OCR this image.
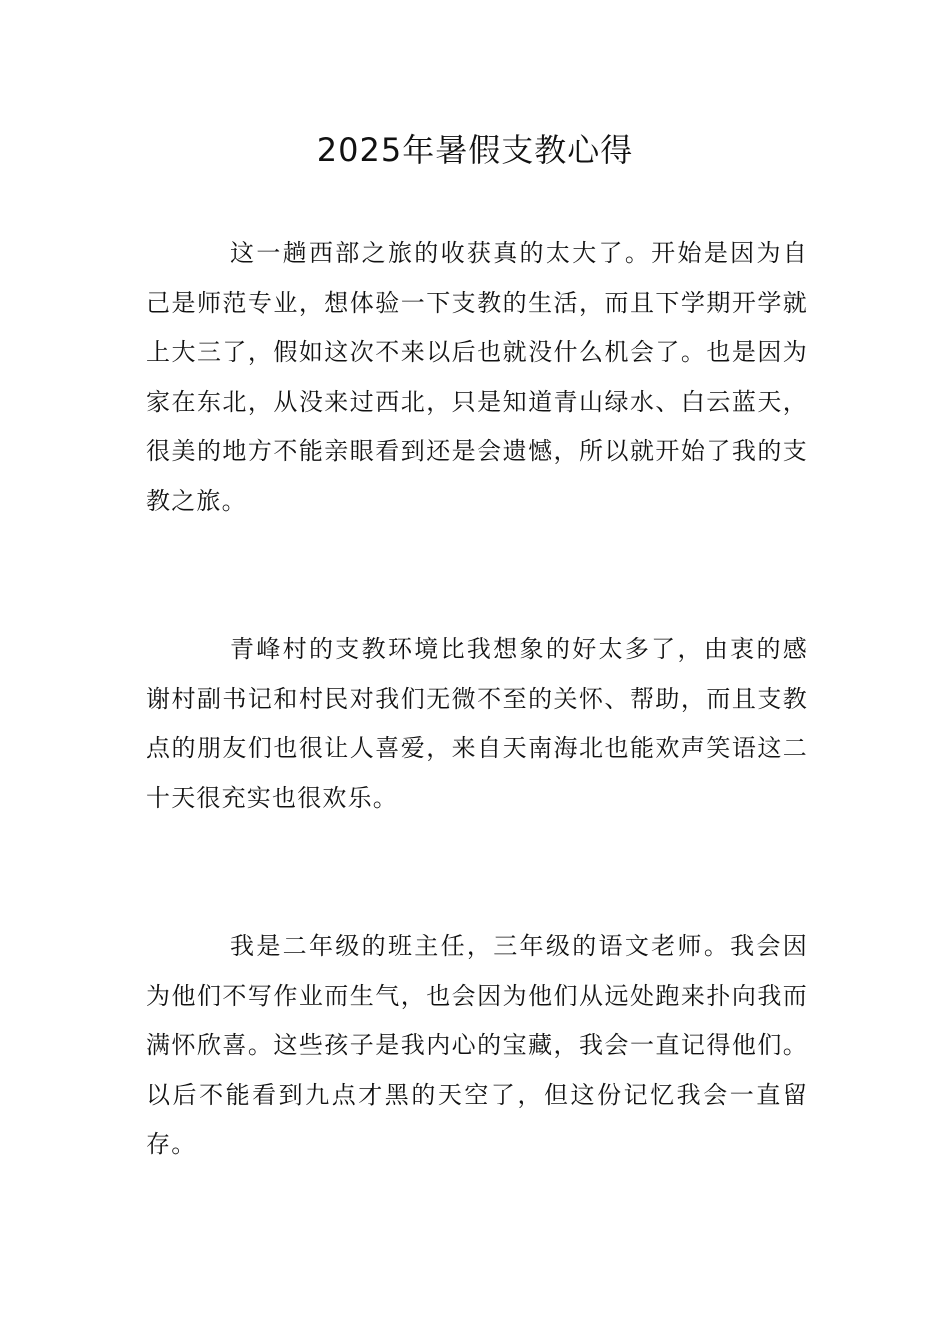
2025年暑假支教心得

这一趟西部之旅的收获真的太大了。开始是因为自己是师范专业，想体验一下支教的生活，而且下学期开学就上大三了，假如这次不来以后也就没什么机会了。也是因为家在东北，从没来过西北，只是知道青山绿水、白云蓝天，很美的地方不能亲眼看到还是会遗憾，所以就开始了我的支教之旅。

青峰村的支教环境比我想象的好太多了，由衷的感谢村副书记和村民对我们无微不至的关怀、帮助，而且支教点的朋友们也很让人喜爱，来自天南海北也能欢声笑语这二十天很充实也很欢乐。

我是二年级的班主任，三年级的语文老师。我会因为他们不写作业而生气，也会因为他们从远处跑来扑向我而满怀欣喜。这些孩子是我内心的宝藏，我会一直记得他们。以后不能看到九点才黑的天空了，但这份记忆我会一直留存。
